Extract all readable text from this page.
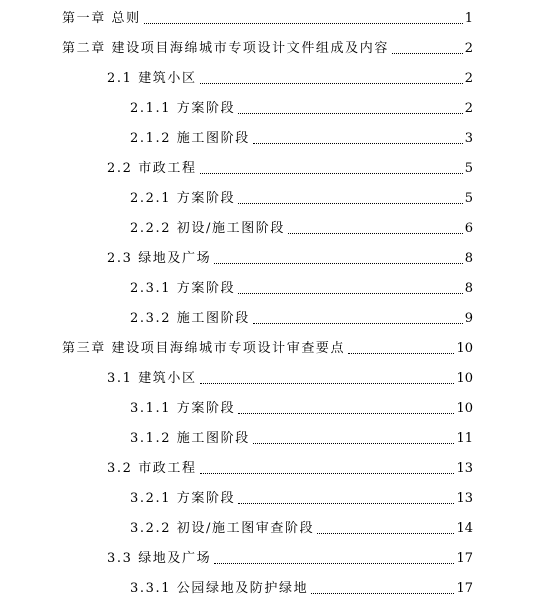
第一章 总则	1
第二章 建设项目海绵城市专项设计文件组成及内容	2
2.1 建筑小区	2
2.1.1 方案阶段	2
2.1.2 施工图阶段	3
2.2 市政工程	5
2.2.1 方案阶段	5
2.2.2 初设/施工图阶段	6
2.3 绿地及广场	8
2.3.1 方案阶段	8
2.3.2 施工图阶段	9
第三章 建设项目海绵城市专项设计审查要点	10
3.1 建筑小区	10
3.1.1 方案阶段	10
3.1.2 施工图阶段	11
3.2 市政工程	13
3.2.1 方案阶段	13
3.2.2 初设/施工图审查阶段	14
3.3 绿地及广场	17
3.3.1 公园绿地及防护绿地	17
